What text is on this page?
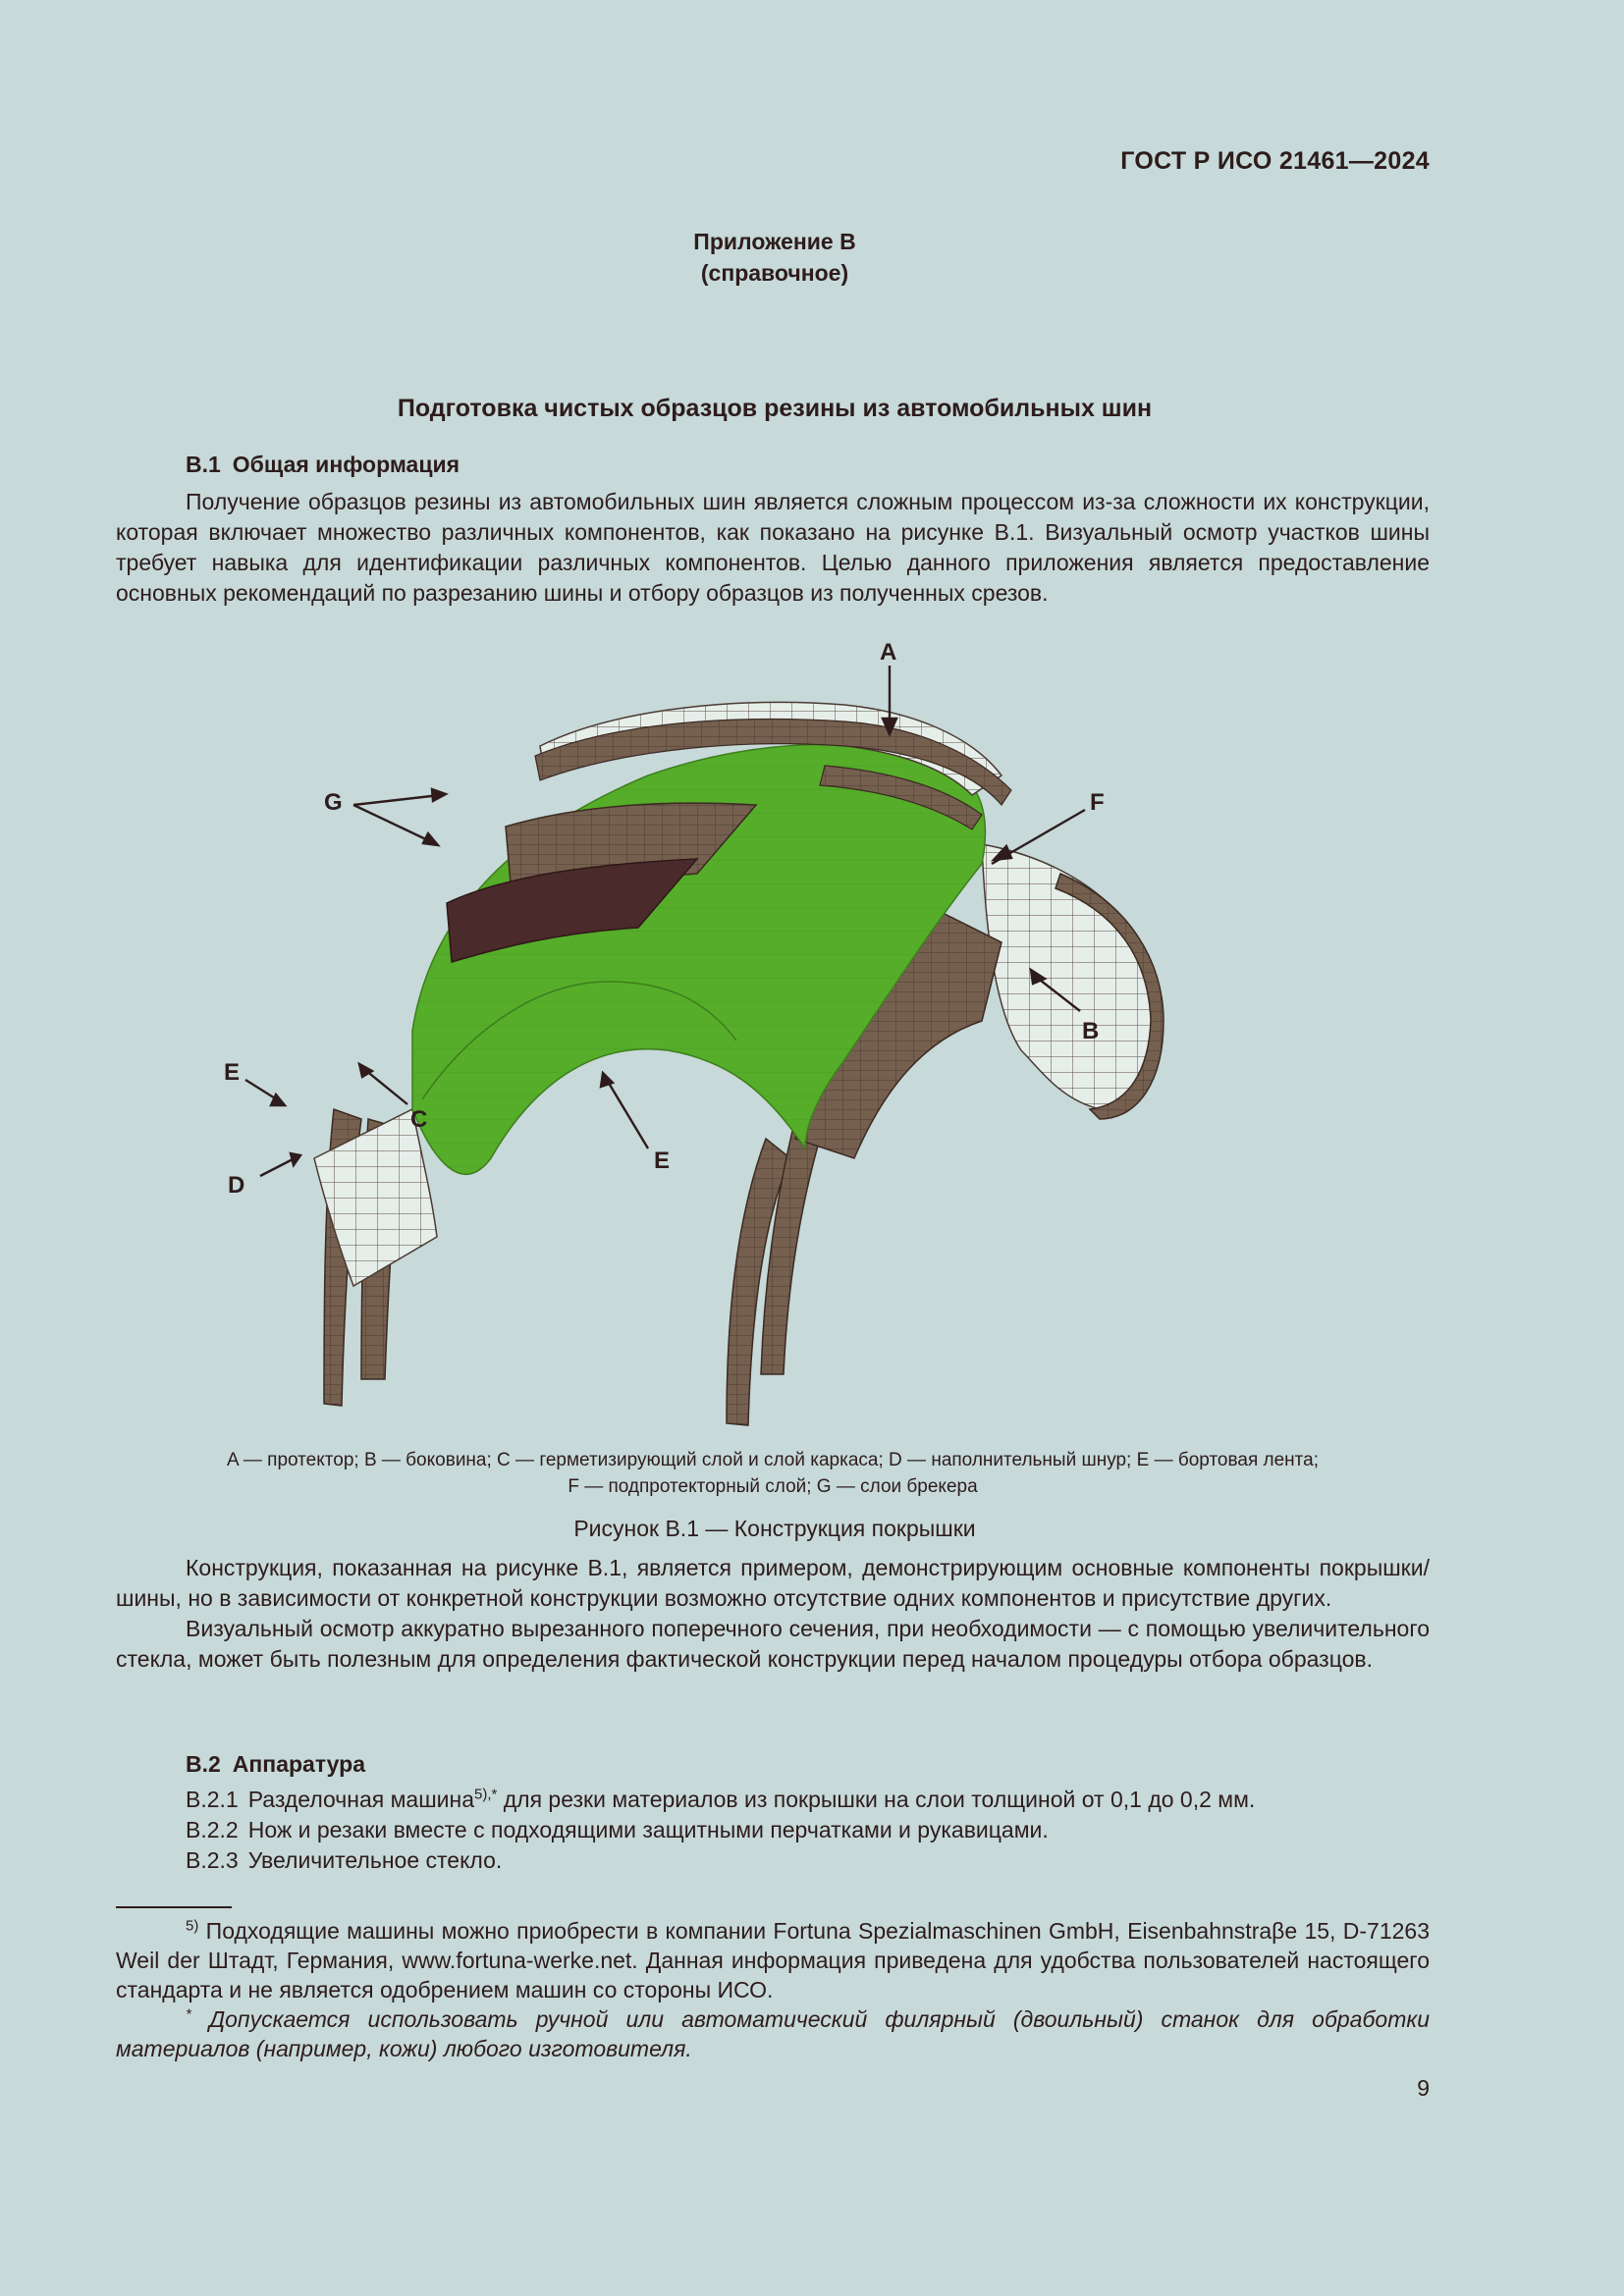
ГОСТ Р ИСО 21461—2024
Приложение В
(справочное)
Подготовка чистых образцов резины из автомобильных шин
В.1 Общая информация

Получение образцов резины из автомобильных шин является сложным процессом из-за сложности их конструкции, которая включает множество различных компонентов, как показано на рисунке В.1. Визуальный осмотр участков шины требует навыка для идентификации различных компонентов. Целью данного приложения является предоставление основных рекомендаций по разрезанию шины и отбору образцов из полученных срезов.

A
G	F
B
C
E
D
E
A — протектор; B — боковина; C — герметизирующий слой и слой каркаса; D — наполнительный шнур; E — бортовая лента;
F — подпротекторный слой; G — слои брекера
Рисунок В.1 — Конструкция покрышки

Конструкция, показанная на рисунке В.1, является примером, демонстрирующим основные компоненты покрышки/шины, но в зависимости от конкретной конструкции возможно отсутствие одних компонентов и присутствие других.

Визуальный осмотр аккуратно вырезанного поперечного сечения, при необходимости — с помощью увеличительного стекла, может быть полезным для определения фактической конструкции перед началом процедуры отбора образцов.

В.2 Аппаратура
В.2.1 Разделочная машина$^{5),*}$ для резки материалов из покрышки на слои толщиной от 0,1 до 0,2 мм.
В.2.2 Нож и резаки вместе с подходящими защитными перчатками и рукавицами.
В.2.3 Увеличительное стекло.

$^{5)}$ Подходящие машины можно приобрести в компании Fortuna Spezialmaschinen GmbH, Eisenbahnstraβe 15, D-71263 Weil der Штадт, Германия, www.fortuna-werke.net. Данная информация приведена для удобства пользователей настоящего стандарта и не является одобрением машин со стороны ИСО.

* Допускается использовать ручной или автоматический филярный (двоильный) станок для обработки материалов (например, кожи) любого изготовителя.

9
